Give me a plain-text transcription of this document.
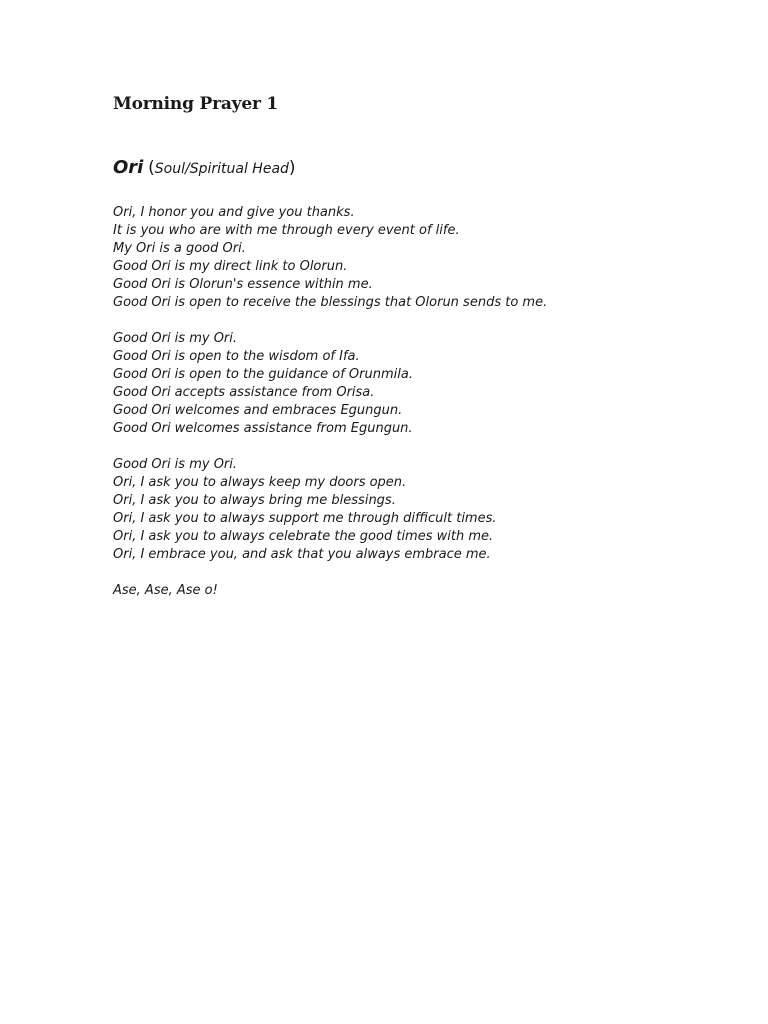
Morning Prayer 1
Ori (Soul/Spiritual Head)
Ori, I honor you and give you thanks.
It is you who are with me through every event of life.
My Ori is a good Ori.
Good Ori is my direct link to Olorun.
Good Ori is Olorun's essence within me.
Good Ori is open to receive the blessings that Olorun sends to me.
Good Ori is my Ori.
Good Ori is open to the wisdom of Ifa.
Good Ori is open to the guidance of Orunmila.
Good Ori accepts assistance from Orisa.
Good Ori welcomes and embraces Egungun.
Good Ori welcomes assistance from Egungun.
Good Ori is my Ori.
Ori, I ask you to always keep my doors open.
Ori, I ask you to always bring me blessings.
Ori, I ask you to always support me through difficult times.
Ori, I ask you to always celebrate the good times with me.
Ori, I embrace you, and ask that you always embrace me.
Ase, Ase, Ase o!
